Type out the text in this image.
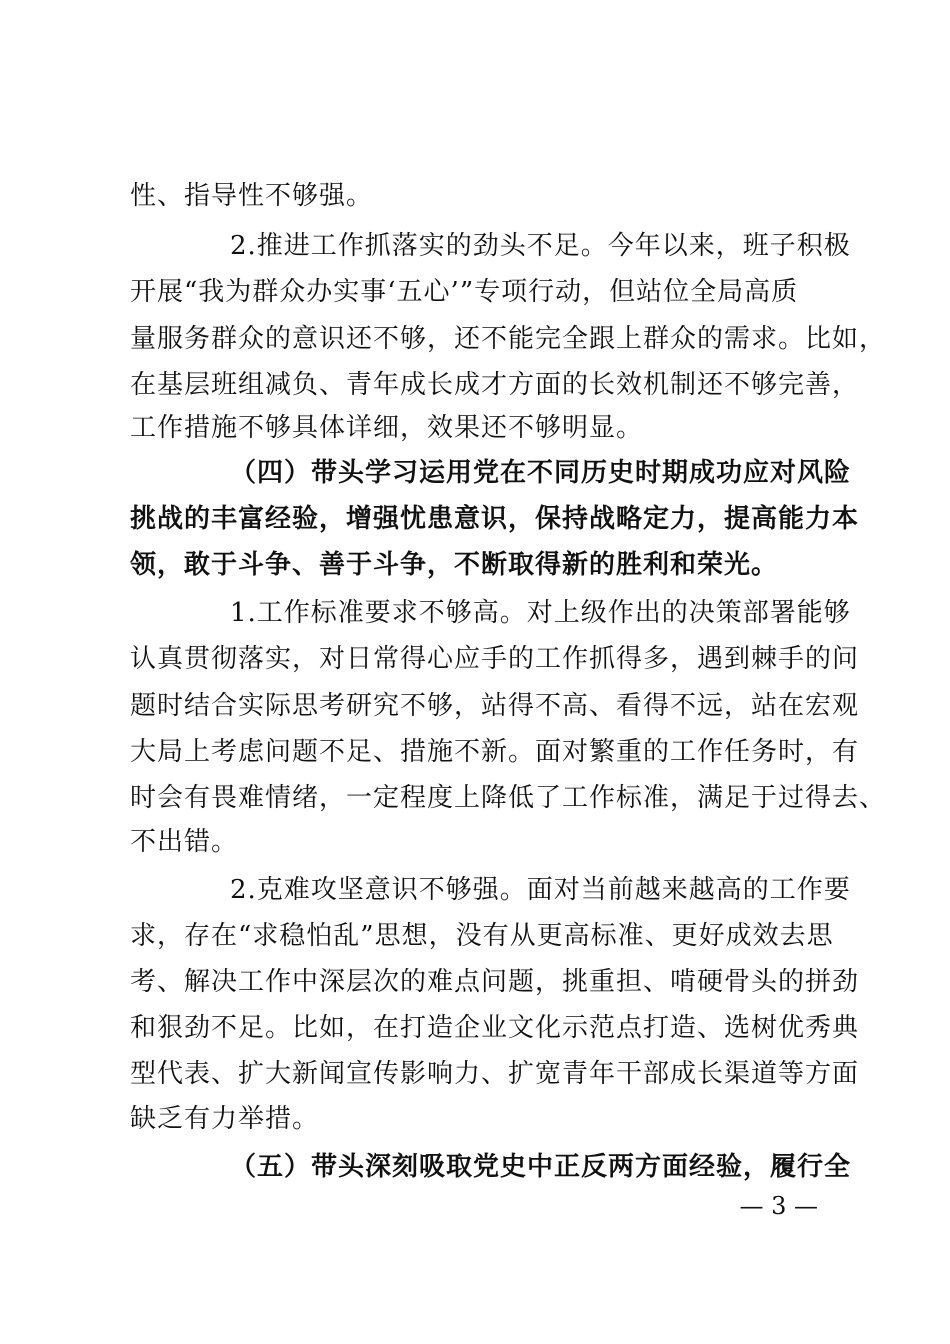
性、指导性不够强。
2.推进工作抓落实的劲头不足。今年以来，班子积极
开展“我为群众办实事‘五心’”专项行动，但站位全局高质
量服务群众的意识还不够，还不能完全跟上群众的需求。比如，
在基层班组减负、青年成长成才方面的长效机制还不够完善，
工作措施不够具体详细，效果还不够明显。
（四）带头学习运用党在不同历史时期成功应对风险
挑战的丰富经验，增强忧患意识，保持战略定力，提高能力本
领，敢于斗争、善于斗争，不断取得新的胜利和荣光。
1.工作标准要求不够高。对上级作出的决策部署能够
认真贯彻落实，对日常得心应手的工作抓得多，遇到棘手的问
题时结合实际思考研究不够，站得不高、看得不远，站在宏观
大局上考虑问题不足、措施不新。面对繁重的工作任务时，有
时会有畏难情绪，一定程度上降低了工作标准，满足于过得去、
不出错。
2.克难攻坚意识不够强。面对当前越来越高的工作要
求，存在“求稳怕乱”思想，没有从更高标准、更好成效去思
考、解决工作中深层次的难点问题，挑重担、啃硬骨头的拼劲
和狠劲不足。比如，在打造企业文化示范点打造、选树优秀典
型代表、扩大新闻宣传影响力、扩宽青年干部成长渠道等方面
缺乏有力举措。
（五）带头深刻吸取党史中正反两方面经验，履行全
— 3 —
